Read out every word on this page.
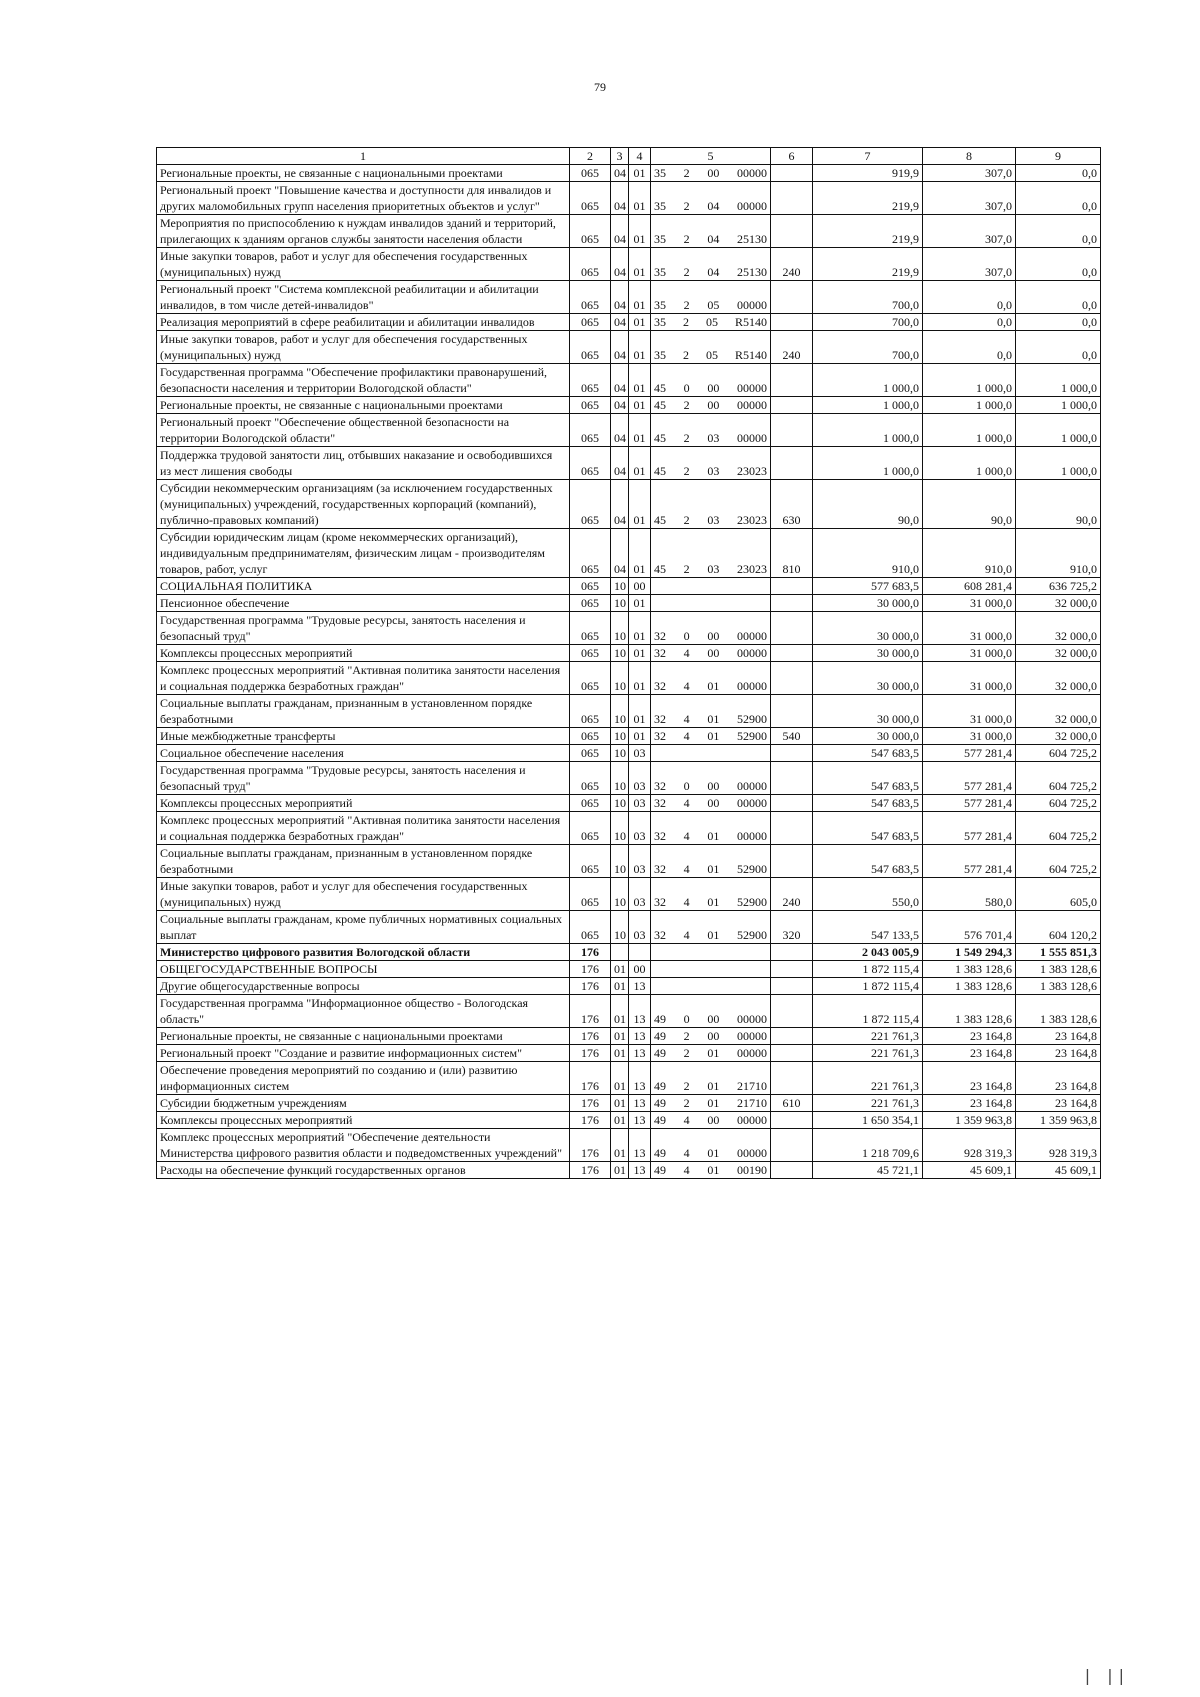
79
1	2	3	4	5	6	7	8	9
Региональные проекты, не связанные с национальными проектами	065	04	01	35 2 00 00000		919,9	307,0	0,0
Региональный проект "Повышение качества и доступности для инвалидов и других маломобильных групп населения приоритетных объектов и услуг"	065	04	01	35 2 04 00000		219,9	307,0	0,0
Мероприятия по приспособлению к нуждам инвалидов зданий и территорий, прилегающих к зданиям органов службы занятости населения области	065	04	01	35 2 04 25130		219,9	307,0	0,0
Иные закупки товаров, работ и услуг для обеспечения государственных (муниципальных) нужд	065	04	01	35 2 04 25130	240	219,9	307,0	0,0
Региональный проект "Система комплексной реабилитации и абилитации инвалидов, в том числе детей-инвалидов"	065	04	01	35 2 05 00000		700,0	0,0	0,0
Реализация мероприятий в сфере реабилитации и абилитации инвалидов	065	04	01	35 2 05 R5140		700,0	0,0	0,0
Иные закупки товаров, работ и услуг для обеспечения государственных (муниципальных) нужд	065	04	01	35 2 05 R5140	240	700,0	0,0	0,0
Государственная программа "Обеспечение профилактики правонарушений, безопасности населения и территории Вологодской области"	065	04	01	45 0 00 00000		1 000,0	1 000,0	1 000,0
Региональные проекты, не связанные с национальными проектами	065	04	01	45 2 00 00000		1 000,0	1 000,0	1 000,0
Региональный проект "Обеспечение общественной безопасности на территории Вологодской области"	065	04	01	45 2 03 00000		1 000,0	1 000,0	1 000,0
Поддержка трудовой занятости лиц, отбывших наказание и освободившихся из мест лишения свободы	065	04	01	45 2 03 23023		1 000,0	1 000,0	1 000,0
Субсидии некоммерческим организациям (за исключением государственных (муниципальных) учреждений, государственных корпораций (компаний), публично-правовых компаний)	065	04	01	45 2 03 23023	630	90,0	90,0	90,0
Субсидии юридическим лицам (кроме некоммерческих организаций), индивидуальным предпринимателям, физическим лицам - производителям товаров, работ, услуг	065	04	01	45 2 03 23023	810	910,0	910,0	910,0
СОЦИАЛЬНАЯ ПОЛИТИКА	065	10	00			577 683,5	608 281,4	636 725,2
Пенсионное обеспечение	065	10	01			30 000,0	31 000,0	32 000,0
Государственная программа "Трудовые ресурсы, занятость населения и безопасный труд"	065	10	01	32 0 00 00000		30 000,0	31 000,0	32 000,0
Комплексы процессных мероприятий	065	10	01	32 4 00 00000		30 000,0	31 000,0	32 000,0
Комплекс процессных мероприятий "Активная политика занятости населения и социальная поддержка безработных граждан"	065	10	01	32 4 01 00000		30 000,0	31 000,0	32 000,0
Социальные выплаты гражданам, признанным в установленном порядке безработными	065	10	01	32 4 01 52900		30 000,0	31 000,0	32 000,0
Иные межбюджетные трансферты	065	10	01	32 4 01 52900	540	30 000,0	31 000,0	32 000,0
Социальное обеспечение населения	065	10	03			547 683,5	577 281,4	604 725,2
Государственная программа "Трудовые ресурсы, занятость населения и безопасный труд"	065	10	03	32 0 00 00000		547 683,5	577 281,4	604 725,2
Комплексы процессных мероприятий	065	10	03	32 4 00 00000		547 683,5	577 281,4	604 725,2
Комплекс процессных мероприятий "Активная политика занятости населения и социальная поддержка безработных граждан"	065	10	03	32 4 01 00000		547 683,5	577 281,4	604 725,2
Социальные выплаты гражданам, признанным в установленном порядке безработными	065	10	03	32 4 01 52900		547 683,5	577 281,4	604 725,2
Иные закупки товаров, работ и услуг для обеспечения государственных (муниципальных) нужд	065	10	03	32 4 01 52900	240	550,0	580,0	605,0
Социальные выплаты гражданам, кроме публичных нормативных социальных выплат	065	10	03	32 4 01 52900	320	547 133,5	576 701,4	604 120,2
Министерство цифрового развития Вологодской области	176					2 043 005,9	1 549 294,3	1 555 851,3
ОБЩЕГОСУДАРСТВЕННЫЕ ВОПРОСЫ	176	01	00			1 872 115,4	1 383 128,6	1 383 128,6
Другие общегосударственные вопросы	176	01	13			1 872 115,4	1 383 128,6	1 383 128,6
Государственная программа "Информационное общество - Вологодская область"	176	01	13	49 0 00 00000		1 872 115,4	1 383 128,6	1 383 128,6
Региональные проекты, не связанные с национальными проектами	176	01	13	49 2 00 00000		221 761,3	23 164,8	23 164,8
Региональный проект "Создание и развитие информационных систем"	176	01	13	49 2 01 00000		221 761,3	23 164,8	23 164,8
Обеспечение проведения мероприятий по созданию и (или) развитию информационных систем	176	01	13	49 2 01 21710		221 761,3	23 164,8	23 164,8
Субсидии бюджетным учреждениям	176	01	13	49 2 01 21710	610	221 761,3	23 164,8	23 164,8
Комплексы процессных мероприятий	176	01	13	49 4 00 00000		1 650 354,1	1 359 963,8	1 359 963,8
Комплекс процессных мероприятий "Обеспечение деятельности Министерства цифрового развития области и подведомственных учреждений"	176	01	13	49 4 01 00000		1 218 709,6	928 319,3	928 319,3
Расходы на обеспечение функций государственных органов	176	01	13	49 4 01 00190		45 721,1	45 609,1	45 609,1
| ||
